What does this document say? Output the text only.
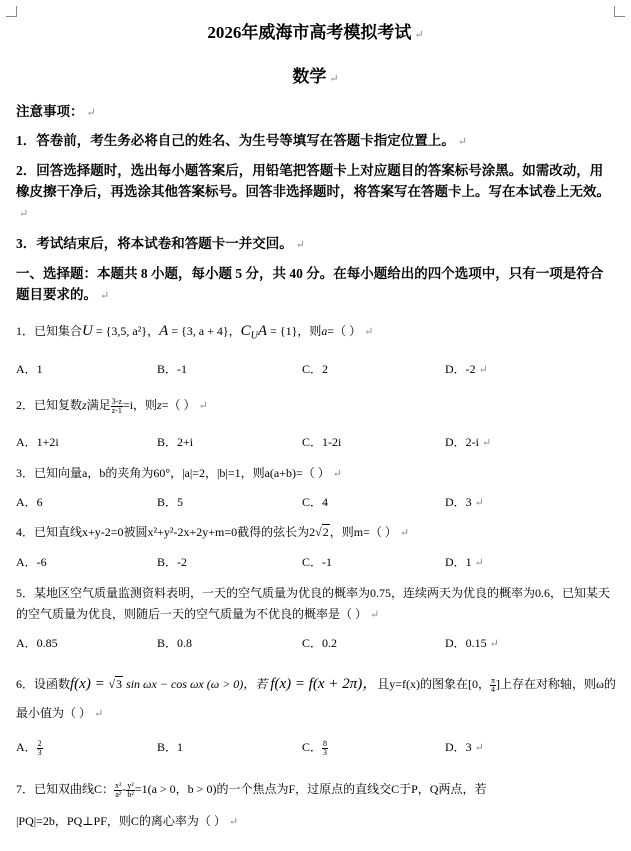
2026年威海市高考模拟考试 ↵
数学 ↵
注意事项： ↵
1．答卷前，考生务必将自己的姓名、为生号等填写在答题卡指定位置上。 ↵
2．回答选择题时，选出每小题答案后，用铅笔把答题卡上对应题目的答案标号涂黑。如需改动，用橡皮擦干净后，再选涂其他答案标号。回答非选择题时，将答案写在答题卡上。写在本试卷上无效。↵
3．考试结束后，将本试卷和答题卡一并交回。 ↵
一、选择题：本题共 8 小题，每小题 5 分，共 40 分。在每小题给出的四个选项中，只有一项是符合题目要求的。 ↵
1．已知集合U = {3,5, a²}，A = {3, a + 4}，$C_UA = \{1\}$，则a=（ ） ↵
A．1	B．-1	C．2	D．-2 ↵
2．已知复数z满足 $\frac{3-z}{z-1} =i$，则z=（ ） ↵
A．1+2i	B．2+i	C．1-2i	D．2-i ↵
3．已知向量a，b的夹角为60°，|a|=2，|b|=1，则a(a+b)=（ ） ↵
A．6	B．5	C．4	D．3 ↵
4．已知直线x+y-2=0被圆x²+y²-2x+2y+m=0截得的弦长为2√2，则m=（ ） ↵
A．-6	B．-2	C．-1	D．1 ↵
5．某地区空气质量监测资料表明，一天的空气质量为优良的概率为0.75，连续两天为优良的概率为0.6，已知某天的空气质量为优良，则随后一天的空气质量为不优良的概率是（ ） ↵
A．0.85	B．0.8	C．0.2	D．0.15 ↵
6．设函数f(x) = √3 sin ωx − cos ωx (ω > 0)，若 f(x) = f(x + 2π)，且y=f(x)的图象在[0， $\frac{\pi}{4}$ ]上存在对称轴，则ω的最小值为（ ） ↵
A． $\frac{2}{3}$	B．1	C． $\frac{8}{3}$	D．3 ↵
7．已知双曲线C： $\frac{\text{x²}}{\text{a²}} - \frac{\text{y²}}{\text{b²}} =1(a > 0$，b > 0)的一个焦点为F，过原点的直线交C于P，Q两点，若
|PQ|=2b，PQ⊥PF，则C的离心率为（ ） ↵
